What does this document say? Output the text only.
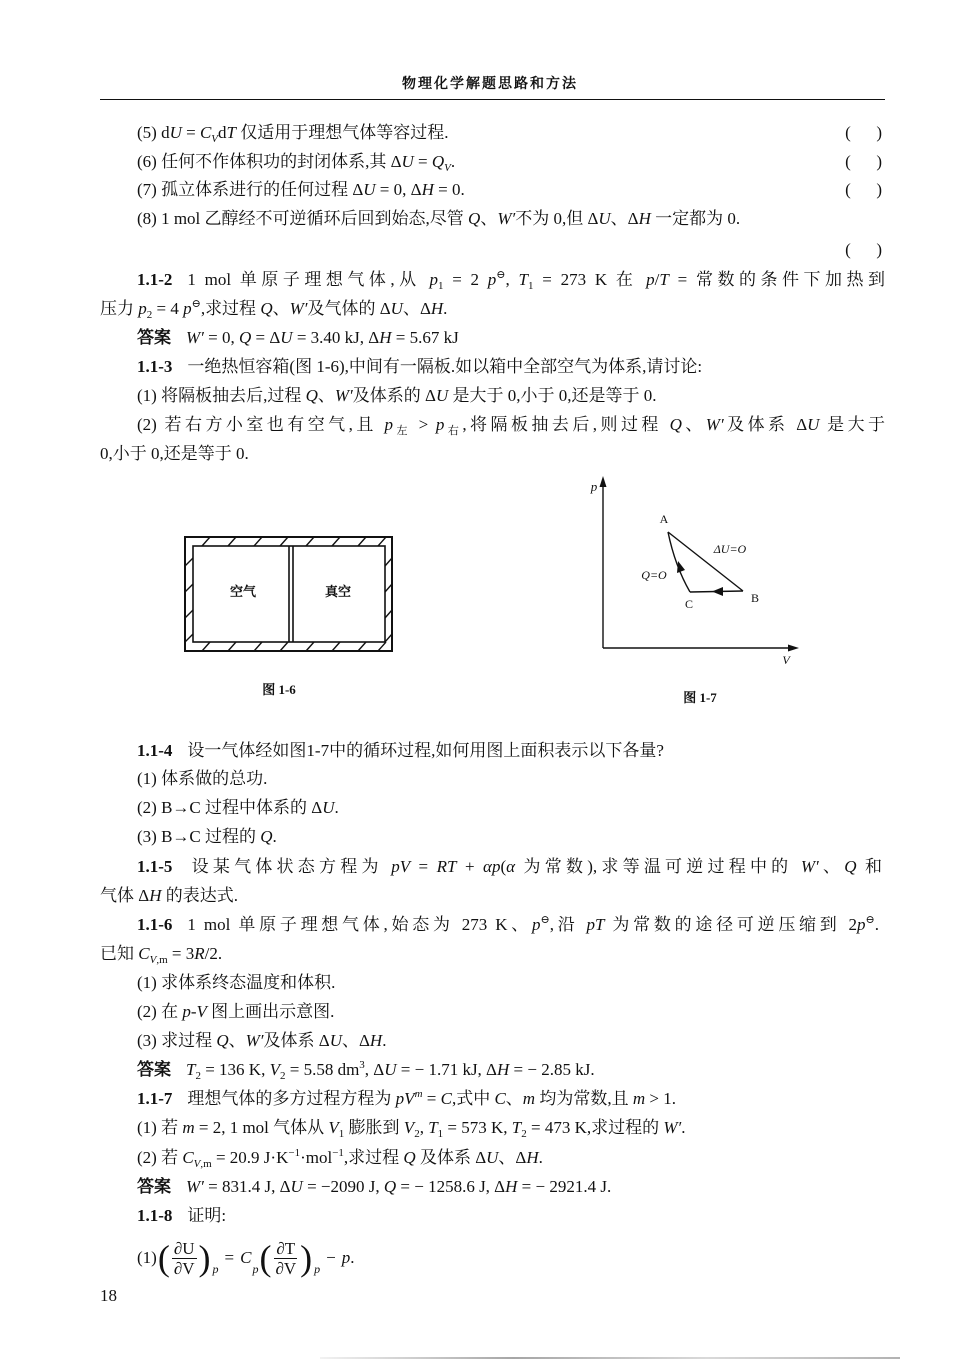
物理化学解题思路和方法
(5) dU = $C_VdT$ 仅适用于理想气体等容过程.	(      )
(6) 任何不作体积功的封闭体系,其 $\Delta U = Q_V$.	(      )
(7) 孤立体系进行的任何过程 ΔU = 0, ΔH = 0.	(      )
(8) 1 mol 乙醇经不可逆循环后回到始态,尽管 Q、W′不为 0,但 ΔU、ΔH 一定都为 0.
(      )
1.1-2 1 mol 单原子理想气体,从 $p_1 = 2$ p⊖, $T_1 = 273$ K 在 p/T = 常数的条件下加热到
压力 $p_2 = 4$ p⊖,求过程 Q、W′及气体的 ΔU、ΔH.
答案 W′ = 0, Q = ΔU = 3.40 kJ, ΔH = 5.67 kJ
1.1-3 一绝热恒容箱(图 1-6),中间有一隔板.如以箱中全部空气为体系,请讨论:
(1) 将隔板抽去后,过程 Q、W′及体系的 ΔU 是大于 0,小于 0,还是等于 0.
(2) 若右方小室也有空气,且 $p_左 > p_右$,将隔板抽去后,则过程 Q、W′及体系 ΔU 是大于
0,小于 0,还是等于 0.
空气	真空
图 1-6
p
V
A
B
C
ΔU=O
Q=O
图 1-7
1.1-4 设一气体经如图1-7中的循环过程,如何用图上面积表示以下各量?
(1) 体系做的总功.
(2) B→C 过程中体系的 ΔU.
(3) B→C 过程的 Q.
1.1-5 设某气体状态方程为 pV = RT + αp(α 为常数),求等温可逆过程中的 W′、Q 和
气体 ΔH 的表达式.
1.1-6 1 mol 单原子理想气体,始态为 273 K、p⊖,沿 pT 为常数的途径可逆压缩到 2p⊖.
已知 $C_{V,m} = 3R/2$.
(1) 求体系终态温度和体积.
(2) 在 p-V 图上画出示意图.
(3) 求过程 Q、W′及体系 ΔU、ΔH.
答案 $T_2 = 136$ K, $V_2 = 5.58$ $dm^3$, ΔU = − 1.71 kJ, ΔH = − 2.85 kJ.
1.1-7 理想气体的多方过程方程为 $pV^m = C$,式中 C、m 均为常数,且 m > 1.
(1) 若 m = 2, 1 mol 气体从 $V_1$ 膨胀到 $V_2$, $T_1 = 573$ K, $T_2 = 473$ K,求过程的 W′.
(2) 若 $C_{V,m} = 20.9$ $J\cdot K^{-1}\cdot mol^{-1}$,求过程 Q 及体系 ΔU、ΔH.
答案 W′ = 831.4 J, ΔU = −2090 J, Q = − 1258.6 J, ΔH = − 2921.4 J.
1.1-8 证明:
(1) ( $\frac{\partial U}{\partial V}$ ) p
= C
p ( $\frac{\partial T}{\partial V}$ ) p
− p .
18
